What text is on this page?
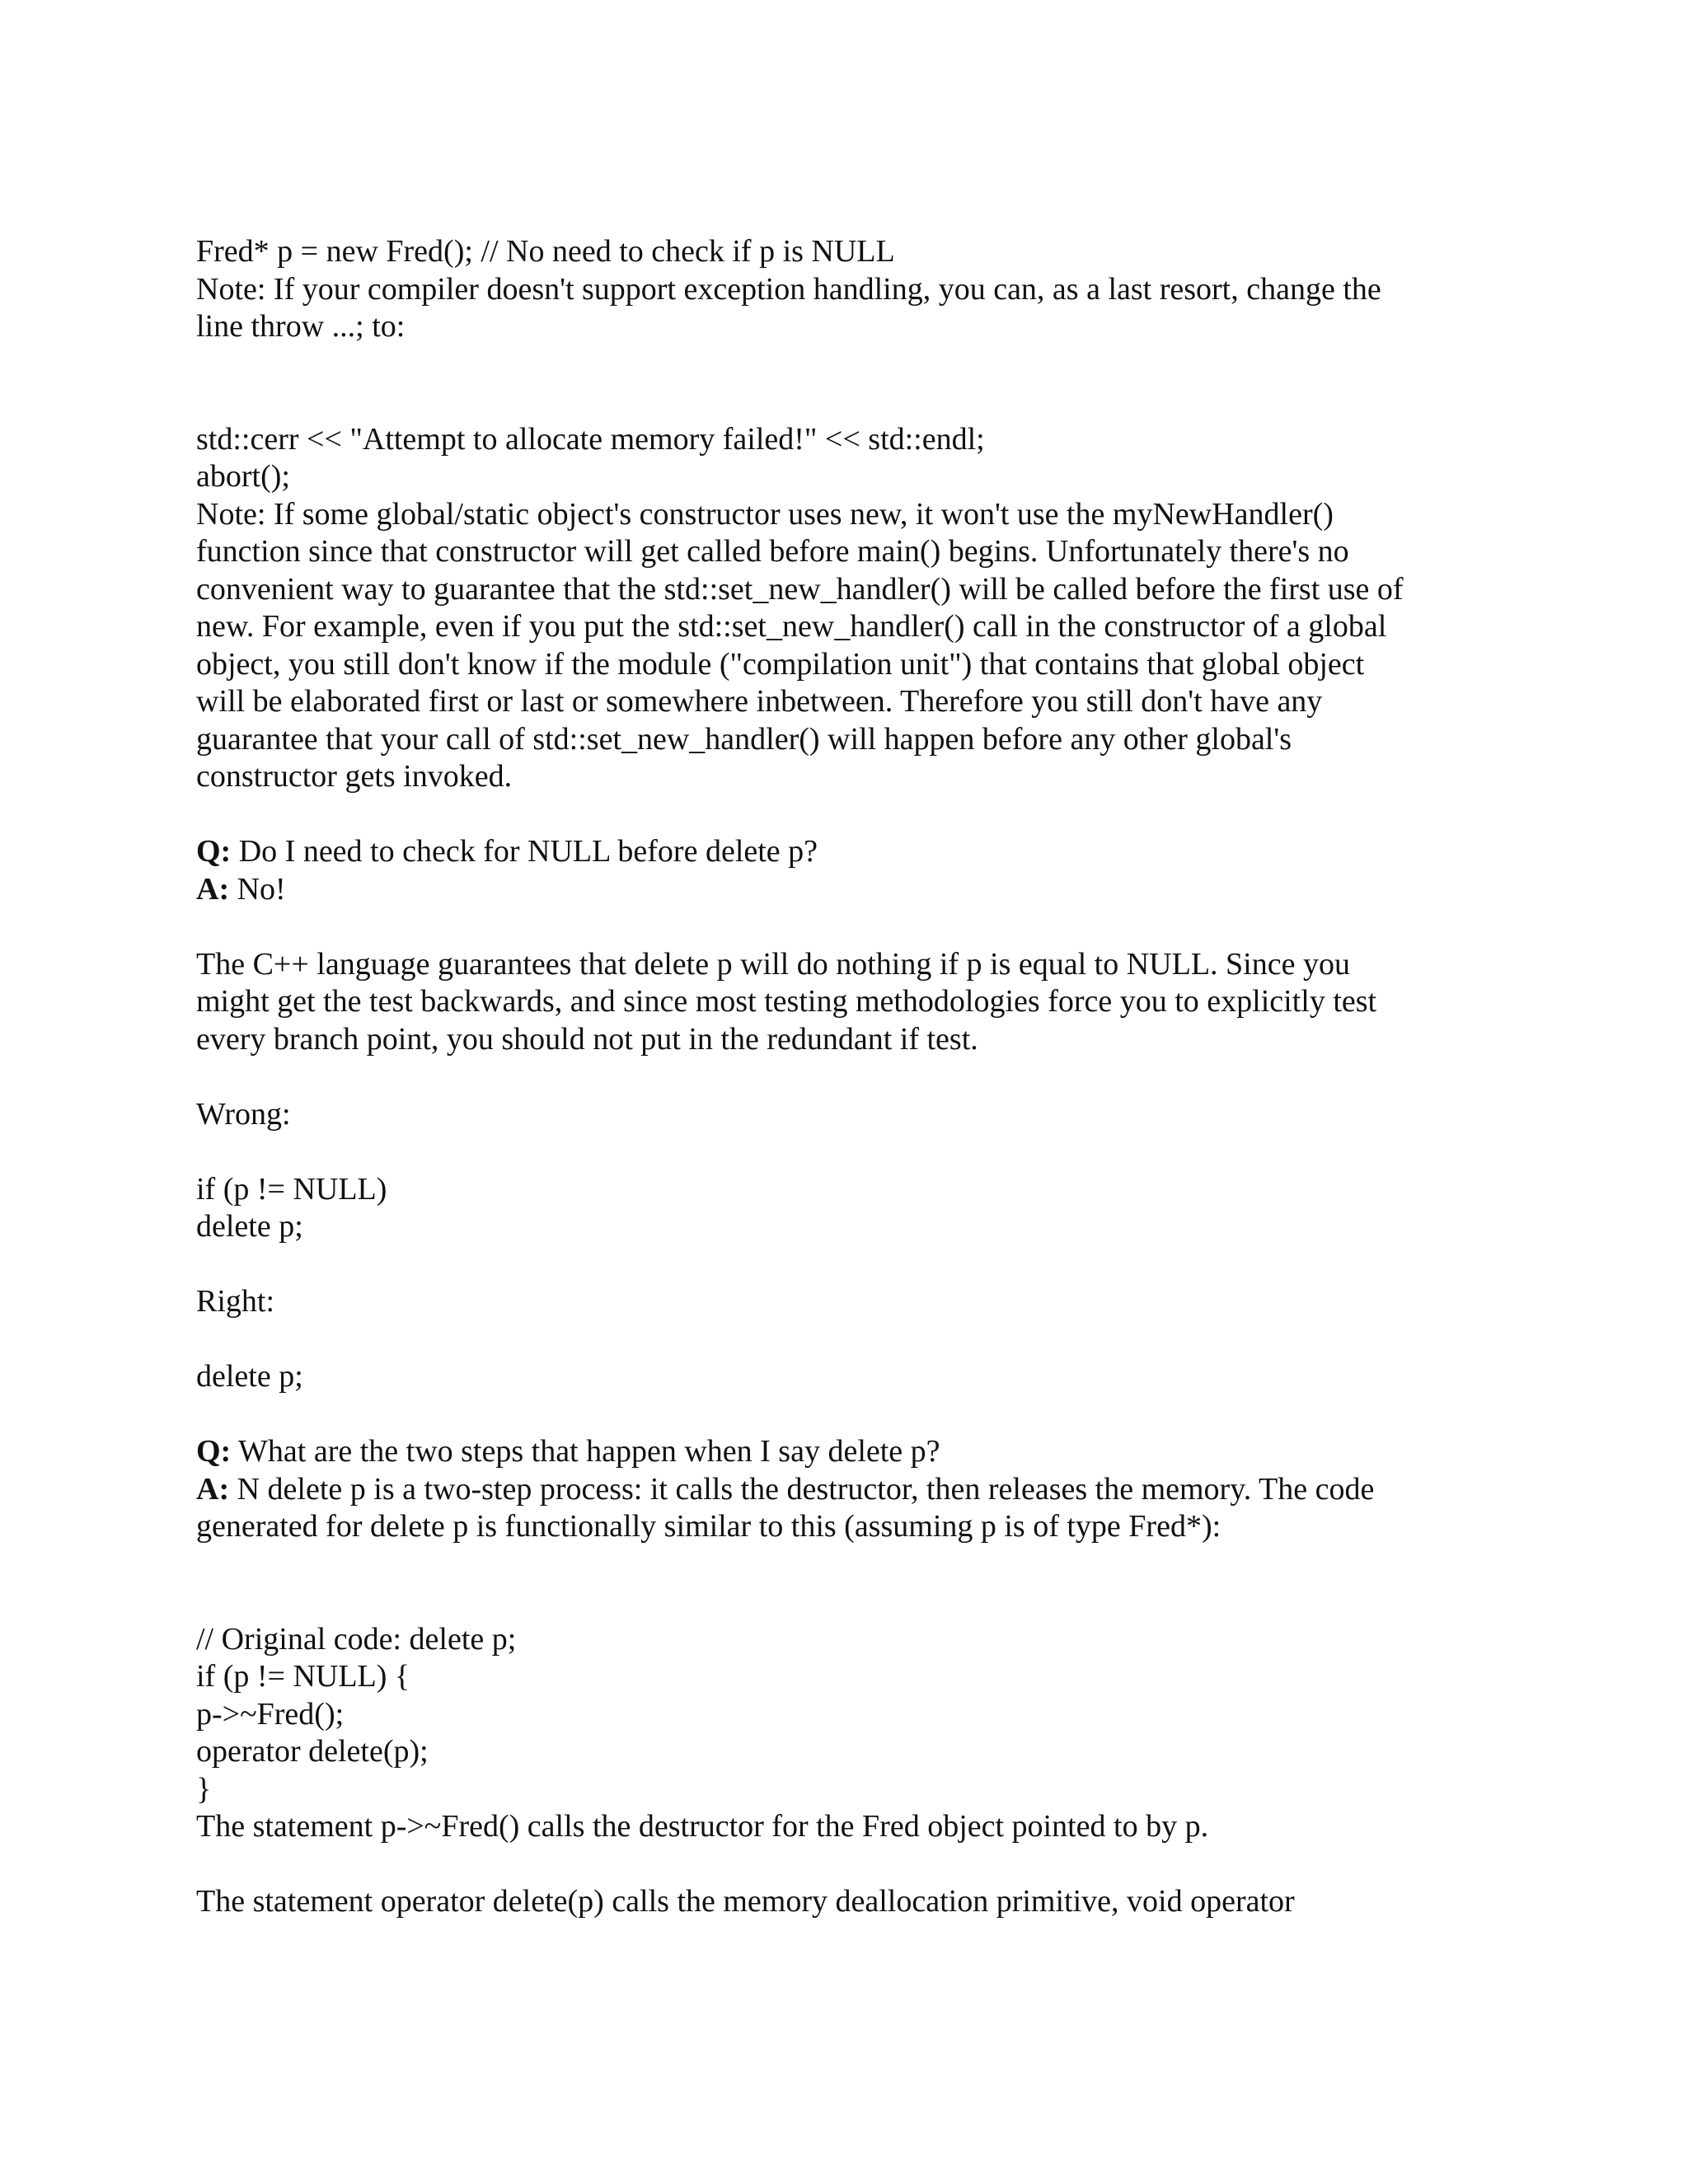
Fred* p = new Fred(); // No need to check if p is NULL
Note: If your compiler doesn't support exception handling, you can, as a last resort, change the
line throw ...; to:
std::cerr << "Attempt to allocate memory failed!" << std::endl;
abort();
Note: If some global/static object's constructor uses new, it won't use the myNewHandler()
function since that constructor will get called before main() begins. Unfortunately there's no
convenient way to guarantee that the std::set_new_handler() will be called before the first use of
new. For example, even if you put the std::set_new_handler() call in the constructor of a global
object, you still don't know if the module ("compilation unit") that contains that global object
will be elaborated first or last or somewhere inbetween. Therefore you still don't have any
guarantee that your call of std::set_new_handler() will happen before any other global's
constructor gets invoked.
Q: Do I need to check for NULL before delete p?
A: No!
The C++ language guarantees that delete p will do nothing if p is equal to NULL. Since you
might get the test backwards, and since most testing methodologies force you to explicitly test
every branch point, you should not put in the redundant if test.
Wrong:
if (p != NULL)
delete p;
Right:
delete p;
Q: What are the two steps that happen when I say delete p?
A: N delete p is a two-step process: it calls the destructor, then releases the memory. The code
generated for delete p is functionally similar to this (assuming p is of type Fred*):
// Original code: delete p;
if (p != NULL) {
p->~Fred();
operator delete(p);
}
The statement p->~Fred() calls the destructor for the Fred object pointed to by p.
The statement operator delete(p) calls the memory deallocation primitive, void operator
